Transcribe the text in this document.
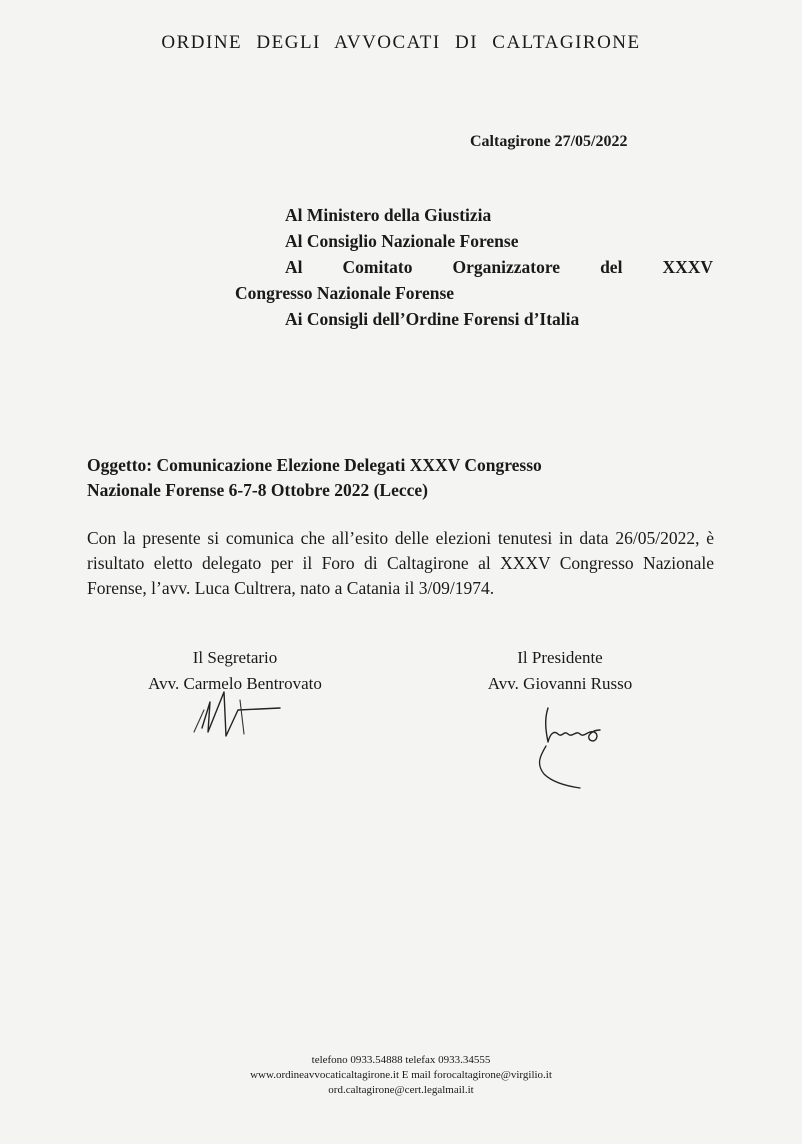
ORDINE DEGLI AVVOCATI DI CALTAGIRONE
Caltagirone 27/05/2022
Al Ministero della Giustizia
Al Consiglio Nazionale Forense
Al Comitato Organizzatore del XXXV
Congresso Nazionale Forense
Ai Consigli dell’Ordine Forensi d’Italia
Oggetto: Comunicazione Elezione Delegati XXXV Congresso
Nazionale Forense 6-7-8 Ottobre 2022 (Lecce)
Con la presente si comunica che all’esito delle elezioni tenutesi in data 26/05/2022, è risultato eletto delegato per il Foro di Caltagirone al XXXV Congresso Nazionale Forense, l’avv. Luca Cultrera, nato a Catania il 3/09/1974.
Il Segretario
Avv. Carmelo Bentrovato
Il Presidente
Avv. Giovanni Russo
telefono 0933.54888 telefax 0933.34555
www.ordineavvocaticaltagirone.it E mail forocaltagirone@virgilio.it
ord.caltagirone@cert.legalmail.it
